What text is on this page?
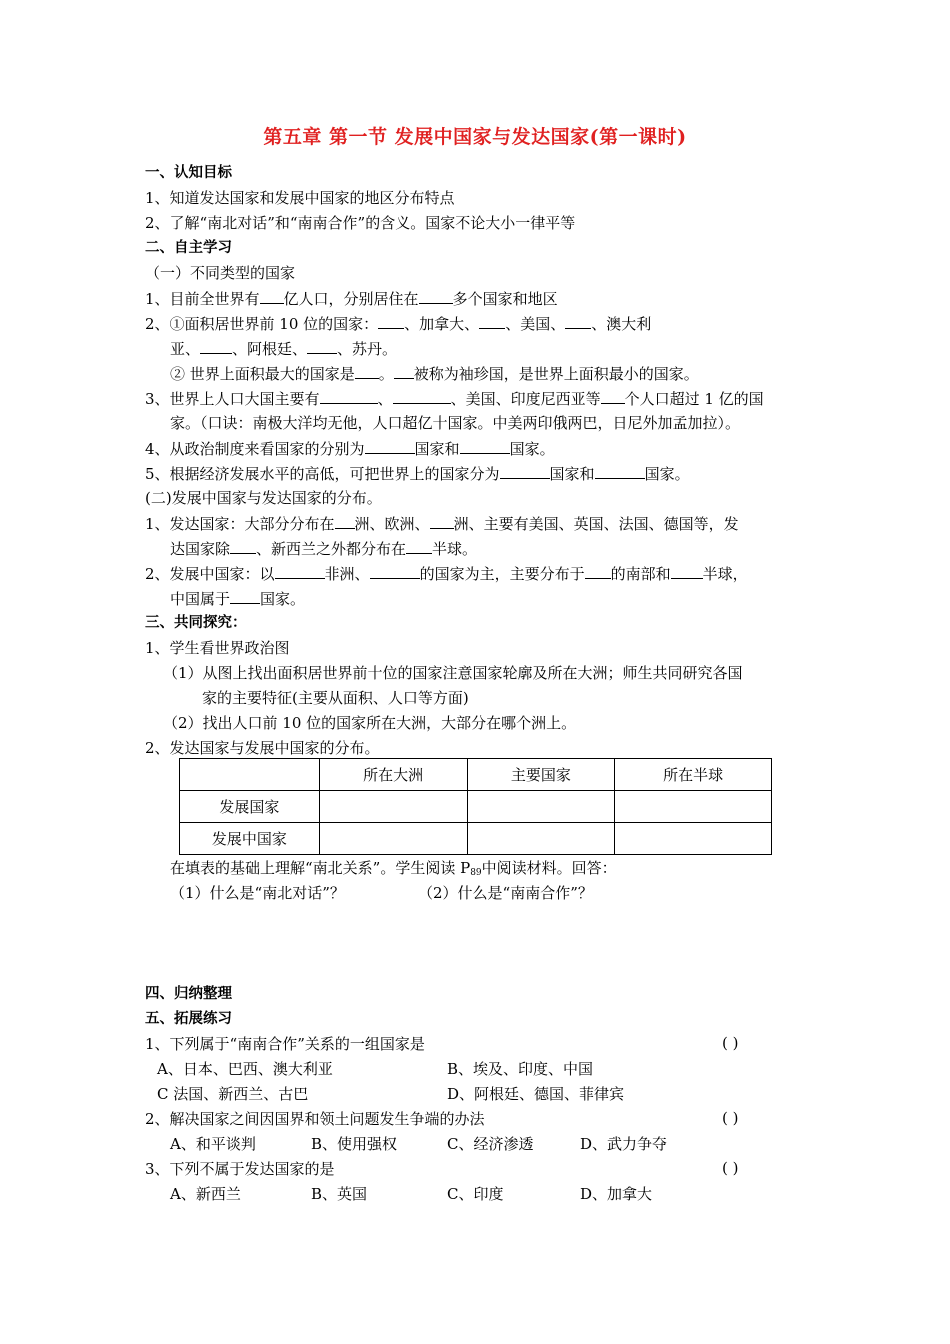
第五章 第一节 发展中国家与发达国家(第一课时)
一、认知目标
1、知道发达国家和发展中国家的地区分布特点
2、了解“南北对话”和“南南合作”的含义。国家不论大小一律平等
二、自主学习
（一）不同类型的国家
1、目前全世界有 亿人口，分别居住在 多个国家和地区
2、①面积居世界前 10 位的国家： 、加拿大、 、美国、 、澳大利
亚、 、阿根廷、 、苏丹。
② 世界上面积最大的国家是 。 被称为袖珍国，是世界上面积最小的国家。
3、世界上人口大国主要有	、	、美国、印度尼西亚等 个人口超过 1 亿的国
家。（口诀：南极大洋均无他，人口超亿十国家。中美两印俄两巴，日尼外加孟加拉）。
4、从政治制度来看国家的分别为	国家和	国家。
5、根据经济发展水平的高低，可把世界上的国家分为	国家和	国家。
(二)发展中国家与发达国家的分布。
1、发达国家：大部分分布在 洲、欧洲、 洲、主要有美国、英国、法国、德国等，发
达国家除 、新西兰之外都分布在 半球。
2、发展中国家：以	非洲、	的国家为主，主要分布于 的南部和 半球，
中国属于 国家。
三、共同探究：
1、学生看世界政治图
（1）从图上找出面积居世界前十位的国家注意国家轮廓及所在大洲；师生共同研究各国
家的主要特征(主要从面积、人口等方面)
（2）找出人口前 10 位的国家所在大洲，大部分在哪个洲上。
2、发达国家与发展中国家的分布。
	所在大洲	主要国家	所在半球
发展国家			
发展中国家			
在填表的基础上理解“南北关系”。学生阅读 $P_{89}$中阅读材料。回答：
（1）什么是“南北对话”？	（2）什么是“南南合作”？
四、归纳整理
五、拓展练习
1、下列属于“南南合作”关系的一组国家是	( )
A、日本、巴西、澳大利亚	B、埃及、印度、中国
C 法国、新西兰、古巴	D、阿根廷、德国、菲律宾
2、解决国家之间因国界和领土问题发生争端的办法	( )
A、和平谈判	B、使用强权	C、经济渗透	D、武力争夺
3、下列不属于发达国家的是	( )
A、新西兰	B、英国	C、印度	D、加拿大
